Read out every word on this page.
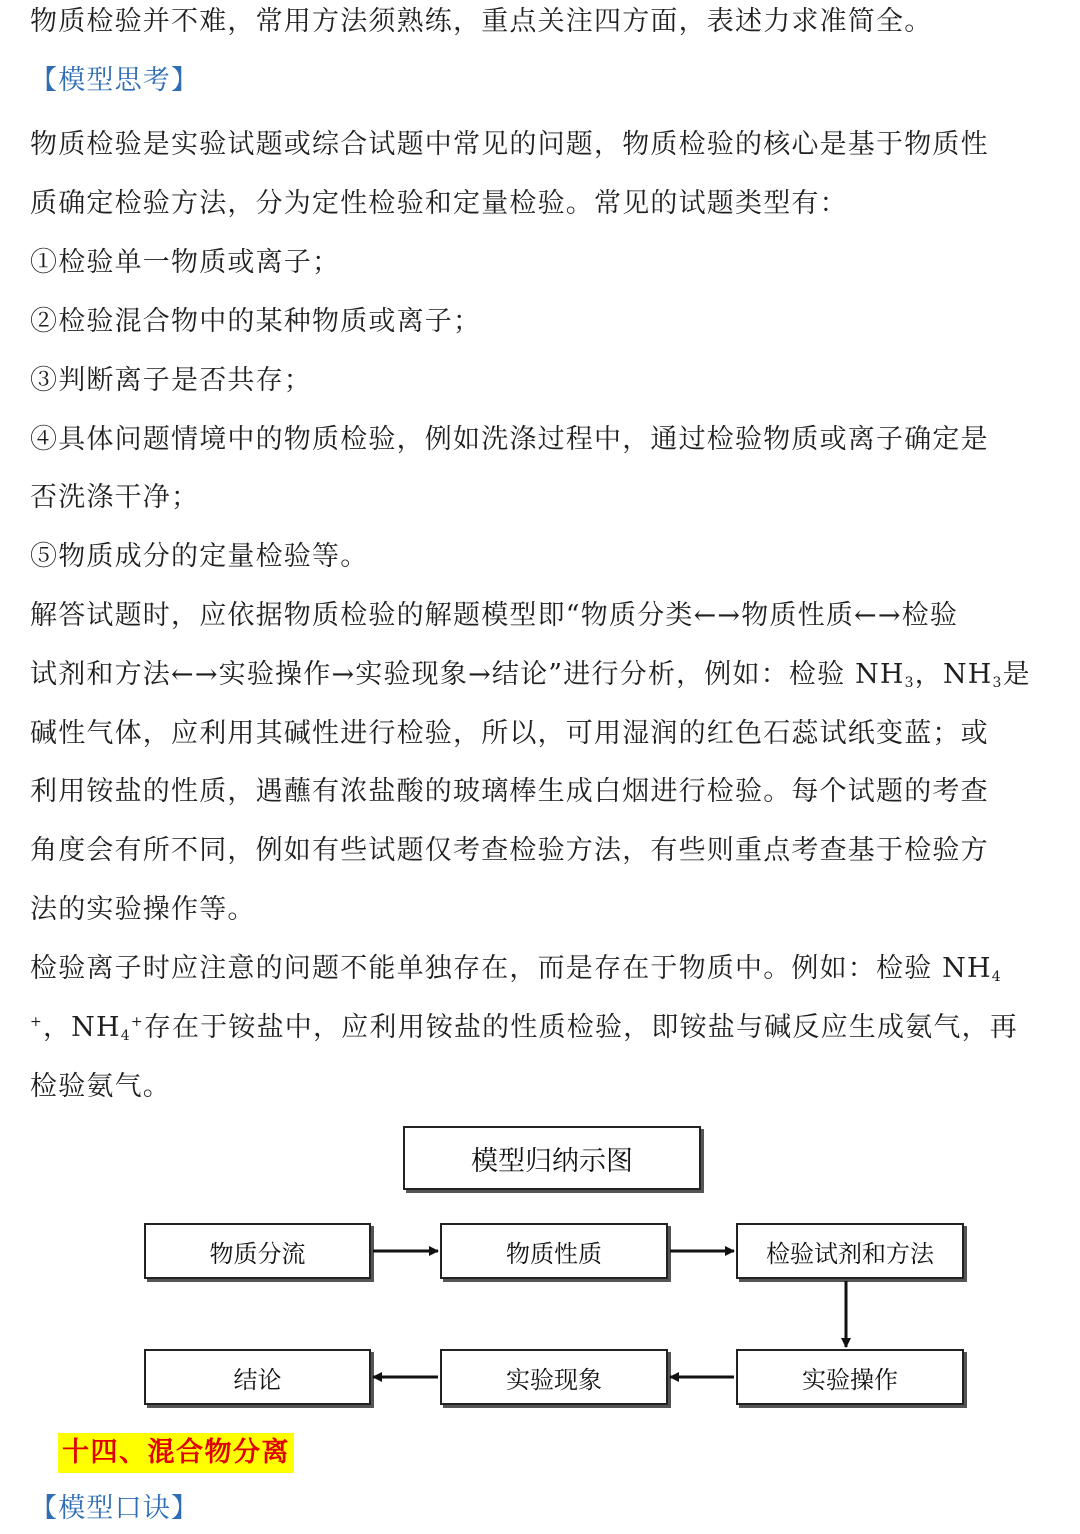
物质检验并不难，常用方法须熟练，重点关注四方面，表述力求准简全。
【模型思考】
物质检验是实验试题或综合试题中常见的问题，物质检验的核心是基于物质性
质确定检验方法，分为定性检验和定量检验。常见的试题类型有：
①检验单一物质或离子；
②检验混合物中的某种物质或离子；
③判断离子是否共存；
④具体问题情境中的物质检验，例如洗涤过程中，通过检验物质或离子确定是
否洗涤干净；
⑤物质成分的定量检验等。
解答试题时，应依据物质检验的解题模型即“物质分类←→物质性质←→检验
试剂和方法←→实验操作→实验现象→结论”进行分析，例如：检验 $NH_3$，$NH_3$是
碱性气体，应利用其碱性进行检验，所以，可用湿润的红色石蕊试纸变蓝；或
利用铵盐的性质，遇蘸有浓盐酸的玻璃棒生成白烟进行检验。每个试题的考查
角度会有所不同，例如有些试题仅考查检验方法，有些则重点考查基于检验方
法的实验操作等。
检验离子时应注意的问题不能单独存在，而是存在于物质中。例如：检验 $NH_4$
+，$NH_4^+$存在于铵盐中，应利用铵盐的性质检验，即铵盐与碱反应生成氨气，再
检验氨气。
模型归纳示图
物质分流	物质性质	检验试剂和方法
结论	实验现象	实验操作
十四、混合物分离
【模型口诀】
